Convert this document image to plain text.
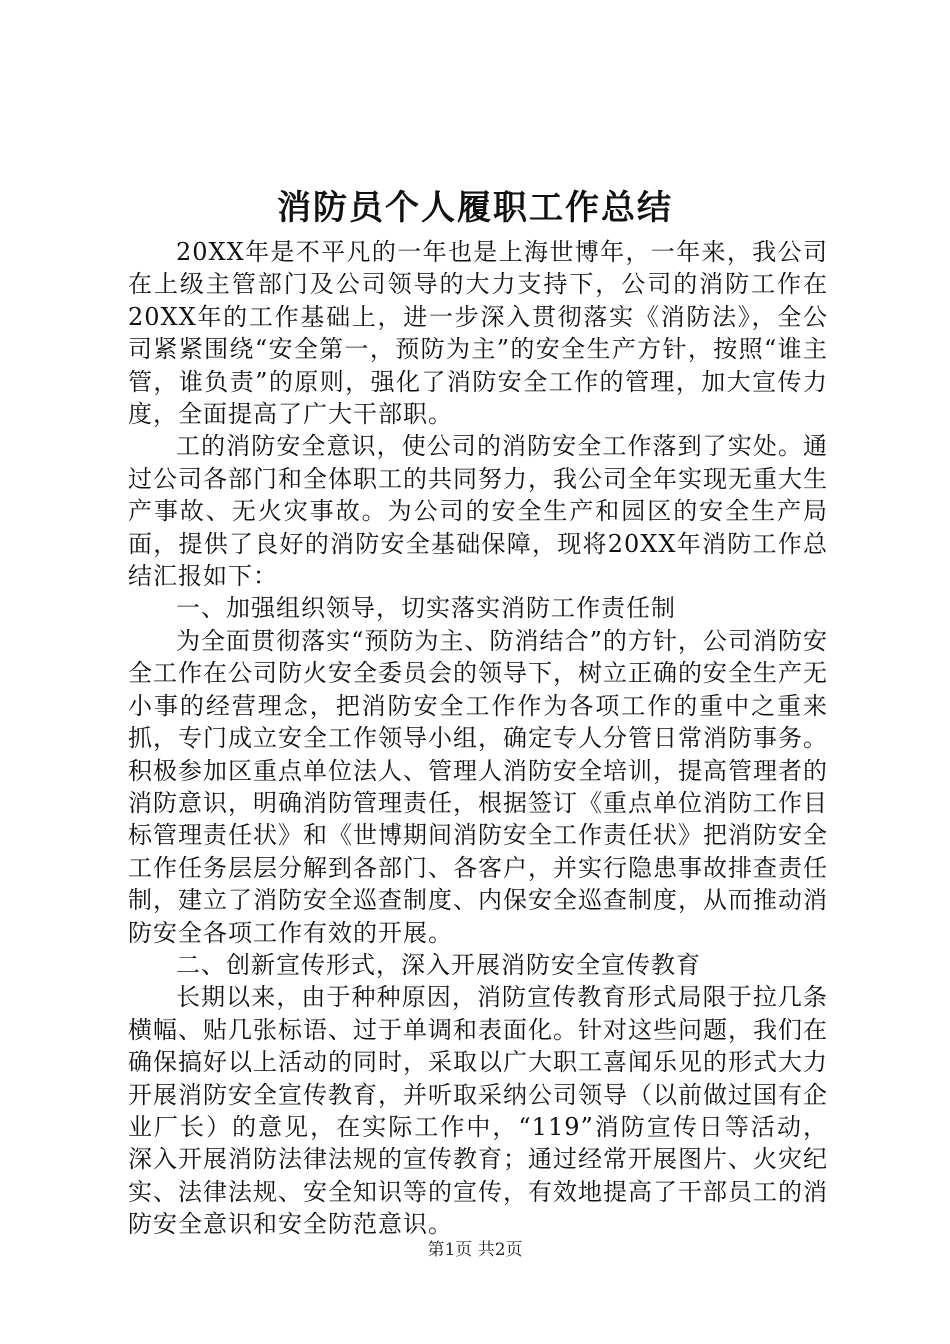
消防员个人履职工作总结

20XX年是不平凡的一年也是上海世博年，一年来，我公司在上级主管部门及公司领导的大力支持下，公司的消防工作在20XX年的工作基础上，进一步深入贯彻落实《消防法》，全公司紧紧围绕“安全第一，预防为主”的安全生产方针，按照“谁主管，谁负责”的原则，强化了消防安全工作的管理，加大宣传力度，全面提高了广大干部职。

工的消防安全意识，使公司的消防安全工作落到了实处。通过公司各部门和全体职工的共同努力，我公司全年实现无重大生产事故、无火灾事故。为公司的安全生产和园区的安全生产局面，提供了良好的消防安全基础保障，现将20XX年消防工作总结汇报如下：

一、加强组织领导，切实落实消防工作责任制

为全面贯彻落实“预防为主、防消结合”的方针，公司消防安全工作在公司防火安全委员会的领导下，树立正确的安全生产无小事的经营理念，把消防安全工作作为各项工作的重中之重来抓，专门成立安全工作领导小组，确定专人分管日常消防事务。积极参加区重点单位法人、管理人消防安全培训，提高管理者的消防意识，明确消防管理责任，根据签订《重点单位消防工作目标管理责任状》和《世博期间消防安全工作责任状》把消防安全工作任务层层分解到各部门、各客户，并实行隐患事故排查责任制，建立了消防安全巡查制度、内保安全巡查制度，从而推动消防安全各项工作有效的开展。

二、创新宣传形式，深入开展消防安全宣传教育

长期以来，由于种种原因，消防宣传教育形式局限于拉几条横幅、贴几张标语、过于单调和表面化。针对这些问题，我们在确保搞好以上活动的同时，采取以广大职工喜闻乐见的形式大力开展消防安全宣传教育，并听取采纳公司领导（以前做过国有企业厂长）的意见，在实际工作中，“119”消防宣传日等活动，深入开展消防法律法规的宣传教育；通过经常开展图片、火灾纪实、法律法规、安全知识等的宣传，有效地提高了干部员工的消防安全意识和安全防范意识。

第1页 共2页
